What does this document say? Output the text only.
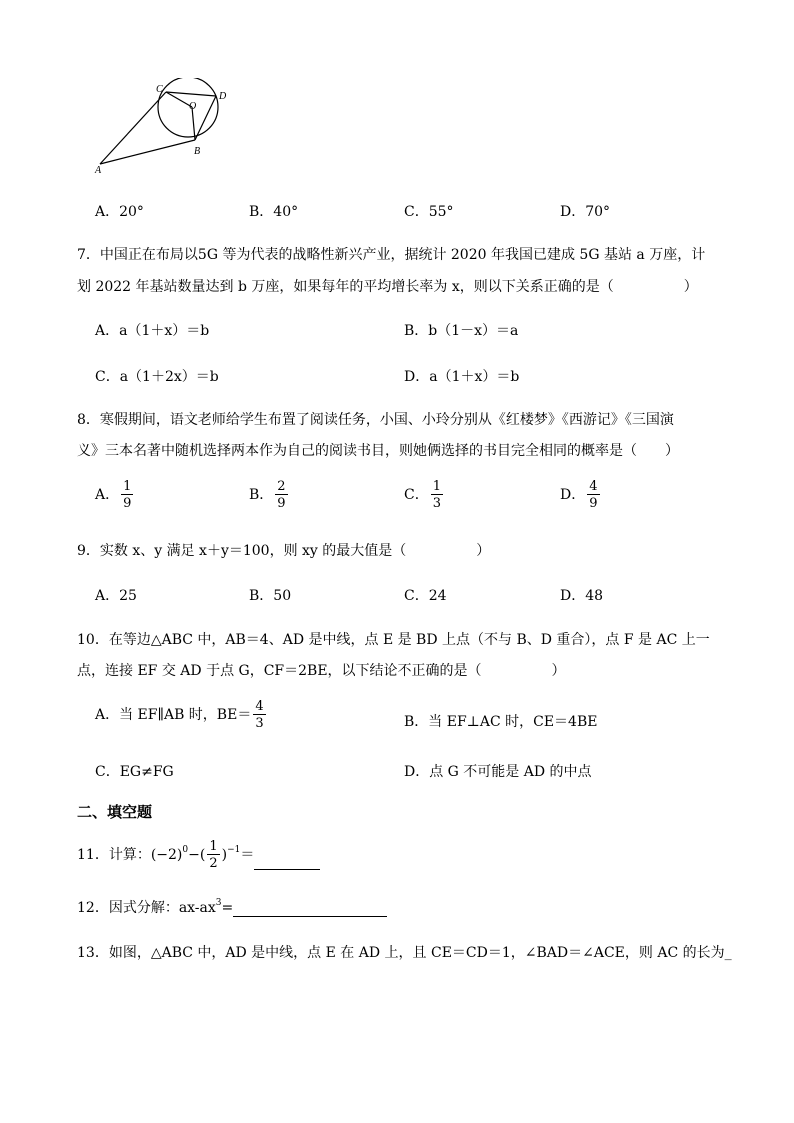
C
O
D
B
A
A．20°	B．40°	C．55°	D．70°
7．中国正在布局以5G 等为代表的战略性新兴产业，据统计 2020 年我国已建成 5G 基站 a 万座，计
划 2022 年基站数量达到 b 万座，如果每年的平均增长率为 x，则以下关系正确的是（　　　　　）
A．a（1＋x）＝b	B．b（1－x）＝a
C．a（1＋2x）＝b	D．a（1＋x）＝b
8．寒假期间，语文老师给学生布置了阅读任务，小国、小玲分别从《红楼梦》《西游记》《三国演
义》三本名著中随机选择两本作为自己的阅读书目，则她俩选择的书目完全相同的概率是（　　）
A． $\frac{1}{9}$	B． $\frac{2}{9}$	C． $\frac{1}{3}$	D． $\frac{4}{9}$
9．实数 x、y 满足 x＋y＝100，则 xy 的最大值是（　　　　　）
A．25	B．50	C．24	D．48
10．在等边△ABC 中，AB＝4、AD 是中线，点 E 是 BD 上点（不与 B、D 重合），点 F 是 AC 上一
点，连接 EF 交 AD 于点 G，CF＝2BE，以下结论不正确的是（　　　　　）
A．当 EF∥AB 时，$BE= \frac{4}{3}$	B．当 EF⊥AC 时，CE＝4BE
C．EG≠FG	D．点 G 不可能是 AD 的中点
二、填空题
11．计算：$(-2)^0-( \frac{1}{2} )^{-1}=$
12．因式分解：$ax-ax^3=$
13．如图，△ABC 中，AD 是中线，点 E 在 AD 上，且 CE＝CD＝1，∠BAD＝∠ACE，则 AC 的长为_
